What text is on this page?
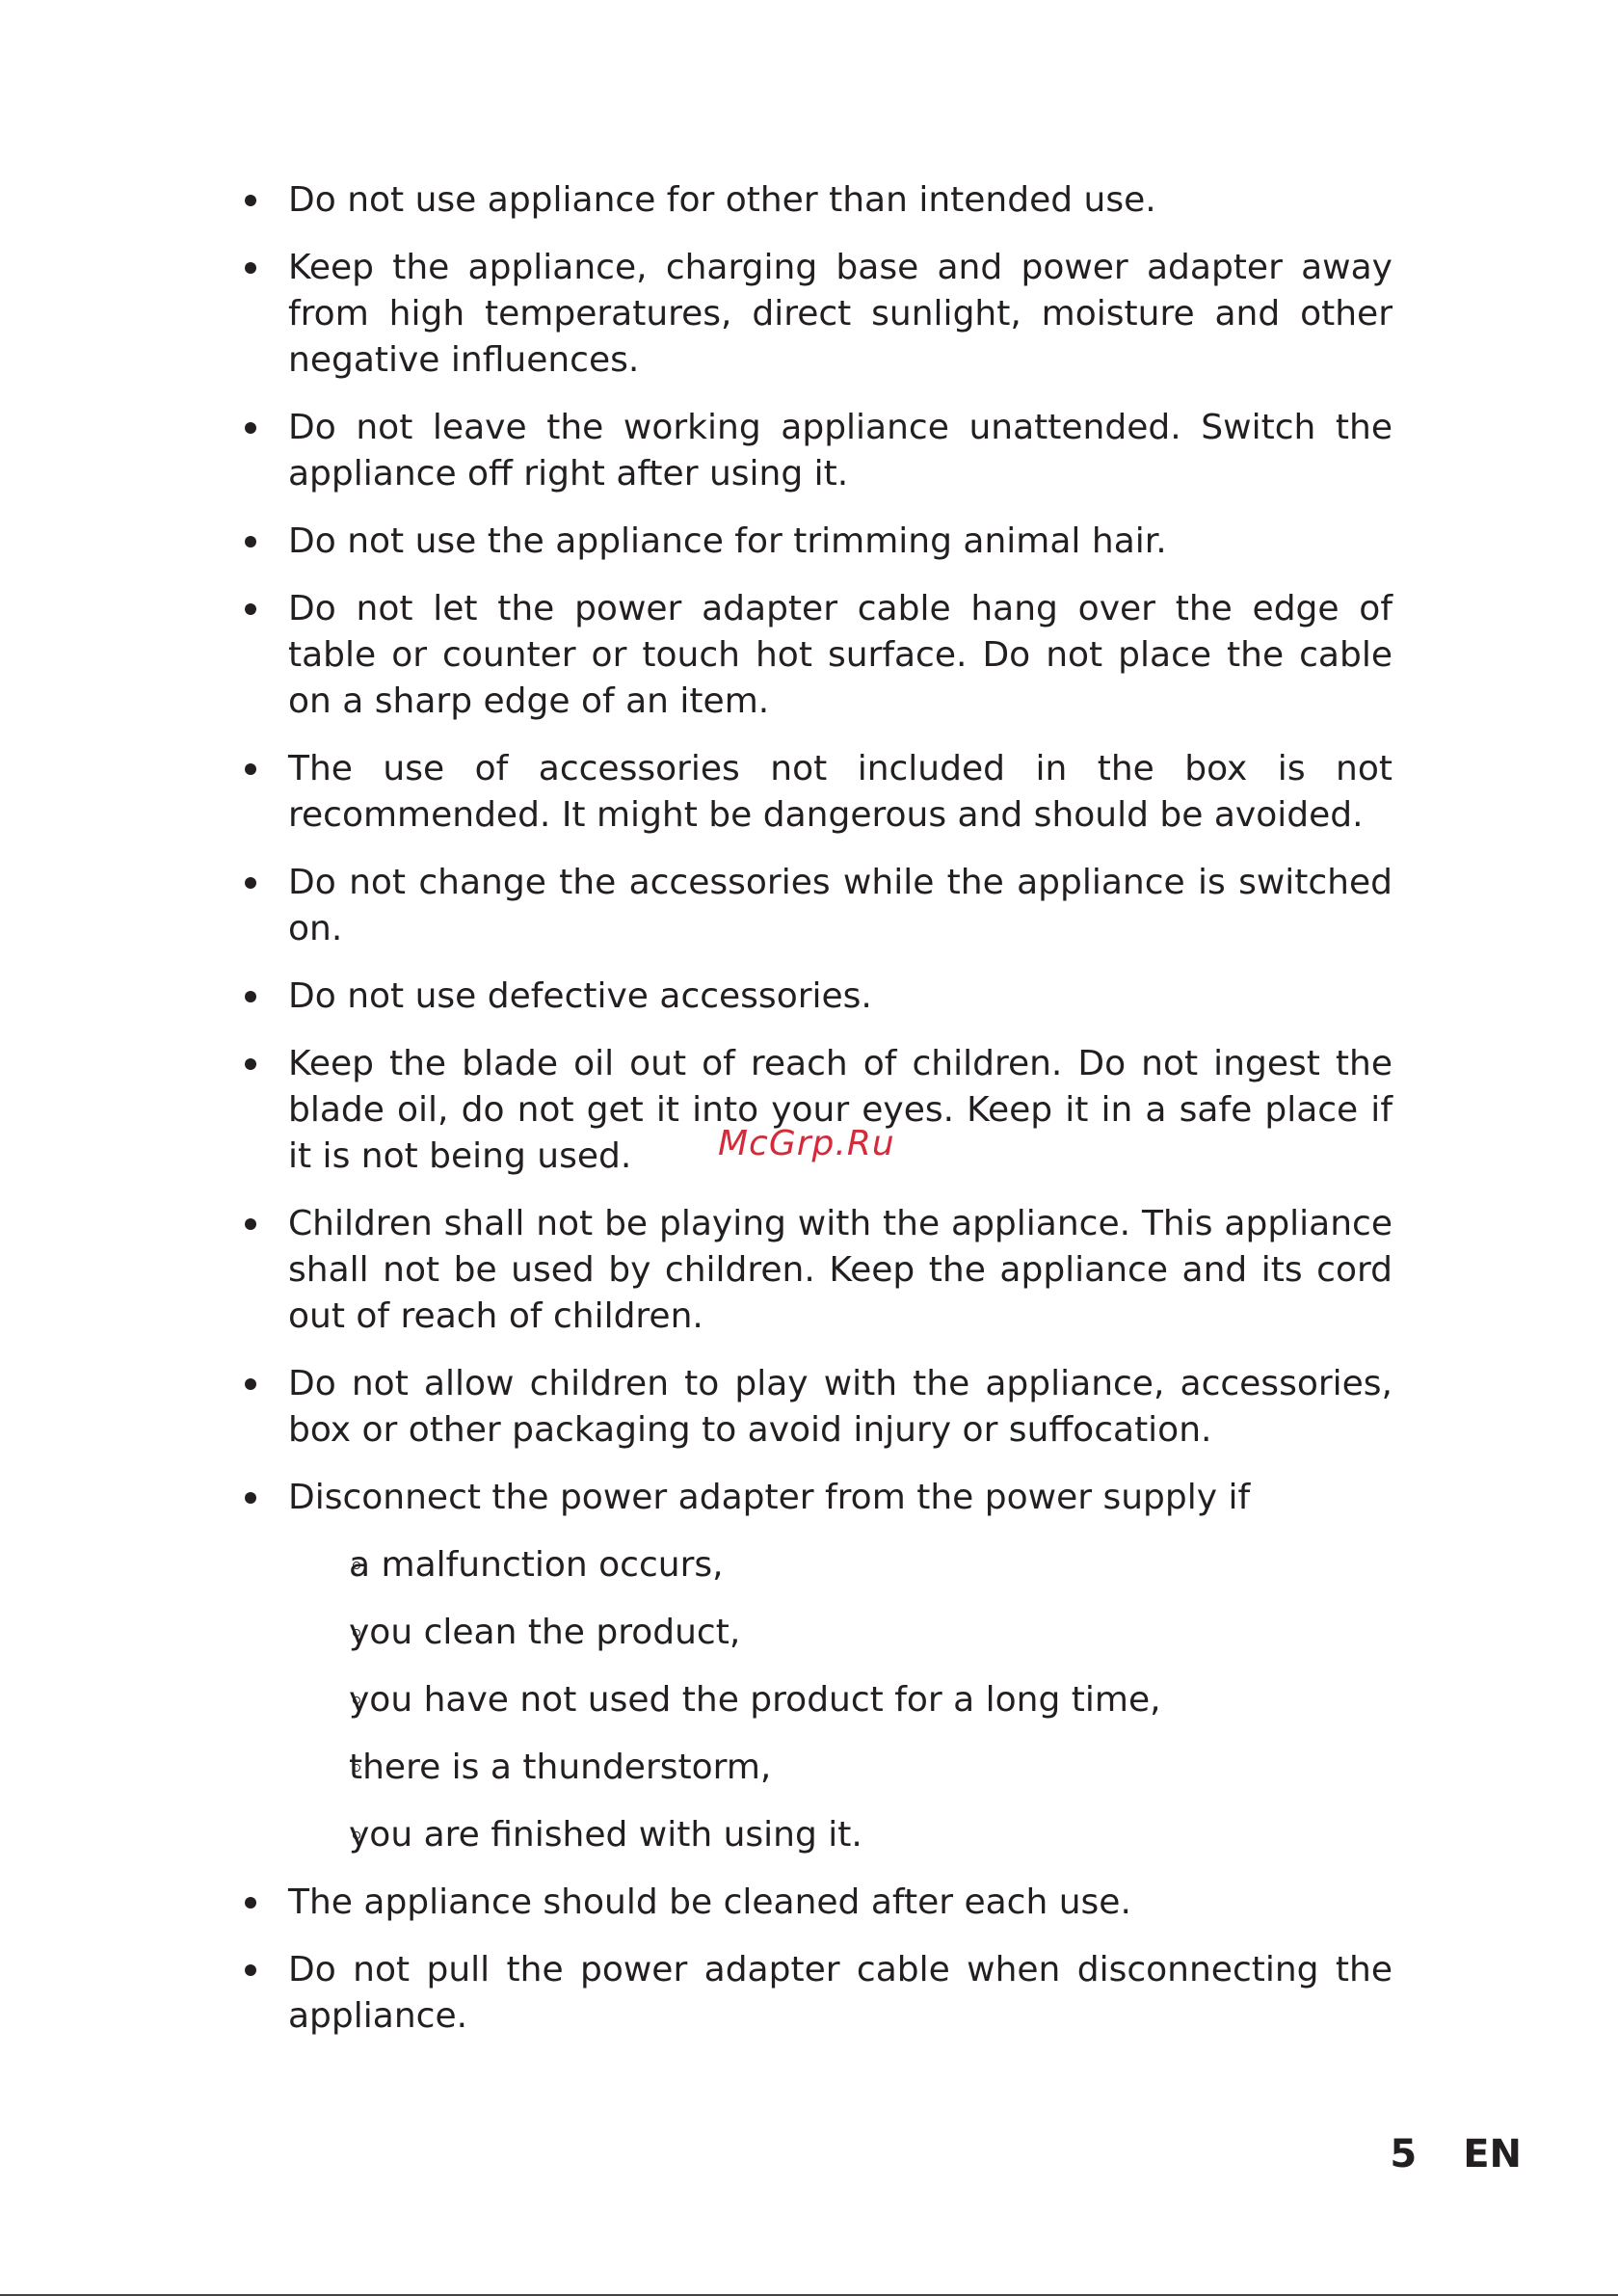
Do not use appliance for other than intended use.
Keep the appliance, charging base and power adapter away from high temperatures, direct sunlight, moisture and other negative influences.
Do not leave the working appliance unattended. Switch the appliance off right after using it.
Do not use the appliance for trimming animal hair.
Do not let the power adapter cable hang over the edge of table or counter or touch hot surface. Do not place the cable on a sharp edge of an item.
The use of accessories not included in the box is not recommended. It might be dangerous and should be avoided.
Do not change the accessories while the appliance is switched on.
Do not use defective accessories.
Keep the blade oil out of reach of children. Do not ingest the blade oil, do not get it into your eyes. Keep it in a safe place if it is not being used.
Children shall not be playing with the appliance. This appliance shall not be used by children. Keep the appliance and its cord out of reach of children.
Do not allow children to play with the appliance, accessories, box or other packaging to avoid injury or suffocation.
Disconnect the power adapter from the power supply if
a malfunction occurs,
you clean the product,
you have not used the product for a long time,
there is a thunderstorm,
you are finished with using it.
The appliance should be cleaned after each use.
Do not pull the power adapter cable when disconnecting the appliance.
McGrp.Ru
5 EN
